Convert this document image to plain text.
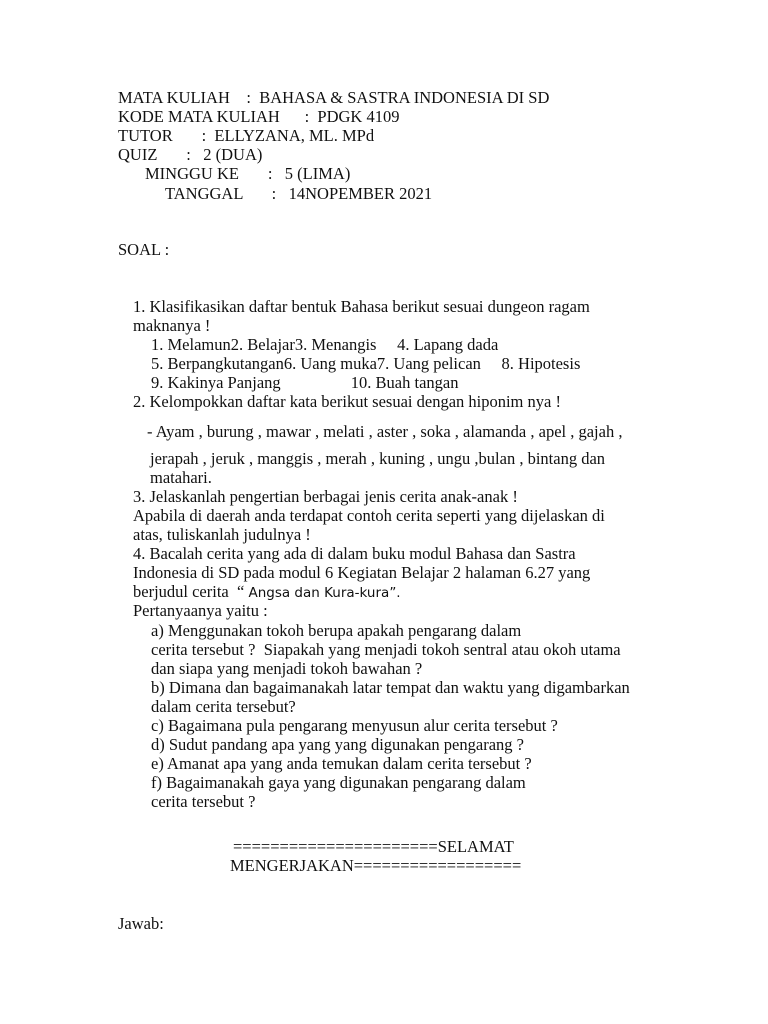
MATA KULIAH    :  BAHASA & SASTRA INDONESIA DI SD
KODE MATA KULIAH      :  PDGK 4109
TUTOR       :  ELLYZANA, ML. MPd
QUIZ       :   2 (DUA)
MINGGU KE       :   5 (LIMA)
TANGGAL       :   14NOPEMBER 2021
SOAL :
1. Klasifikasikan daftar bentuk Bahasa berikut sesuai dungeon ragam
maknanya !
1. Melamun2. Belajar3. Menangis     4. Lapang dada
5. Berpangkutangan6. Uang muka7. Uang pelican     8. Hipotesis
9. Kakinya Panjang                 10. Buah tangan
2. Kelompokkan daftar kata berikut sesuai dengan hiponim nya !
- Ayam , burung , mawar , melati , aster , soka , alamanda , apel , gajah ,
jerapah , jeruk , manggis , merah , kuning , ungu ,bulan , bintang dan
matahari.
3. Jelaskanlah pengertian berbagai jenis cerita anak-anak !
Apabila di daerah anda terdapat contoh cerita seperti yang dijelaskan di
atas, tuliskanlah judulnya !
4. Bacalah cerita yang ada di dalam buku modul Bahasa dan Sastra
Indonesia di SD pada modul 6 Kegiatan Belajar 2 halaman 6.27 yang
berjudul cerita  “ Angsa dan Kura-kura”.
Pertanyaanya yaitu :
a) Menggunakan tokoh berupa apakah pengarang dalam
cerita tersebut ?  Siapakah yang menjadi tokoh sentral atau okoh utama
dan siapa yang menjadi tokoh bawahan ?
b) Dimana dan bagaimanakah latar tempat dan waktu yang digambarkan
dalam cerita tersebut?
c) Bagaimana pula pengarang menyusun alur cerita tersebut ?
d) Sudut pandang apa yang yang digunakan pengarang ?
e) Amanat apa yang anda temukan dalam cerita tersebut ?
f) Bagaimanakah gaya yang digunakan pengarang dalam
cerita tersebut ?
======================SELAMAT
MENGERJAKAN==================
Jawab:
